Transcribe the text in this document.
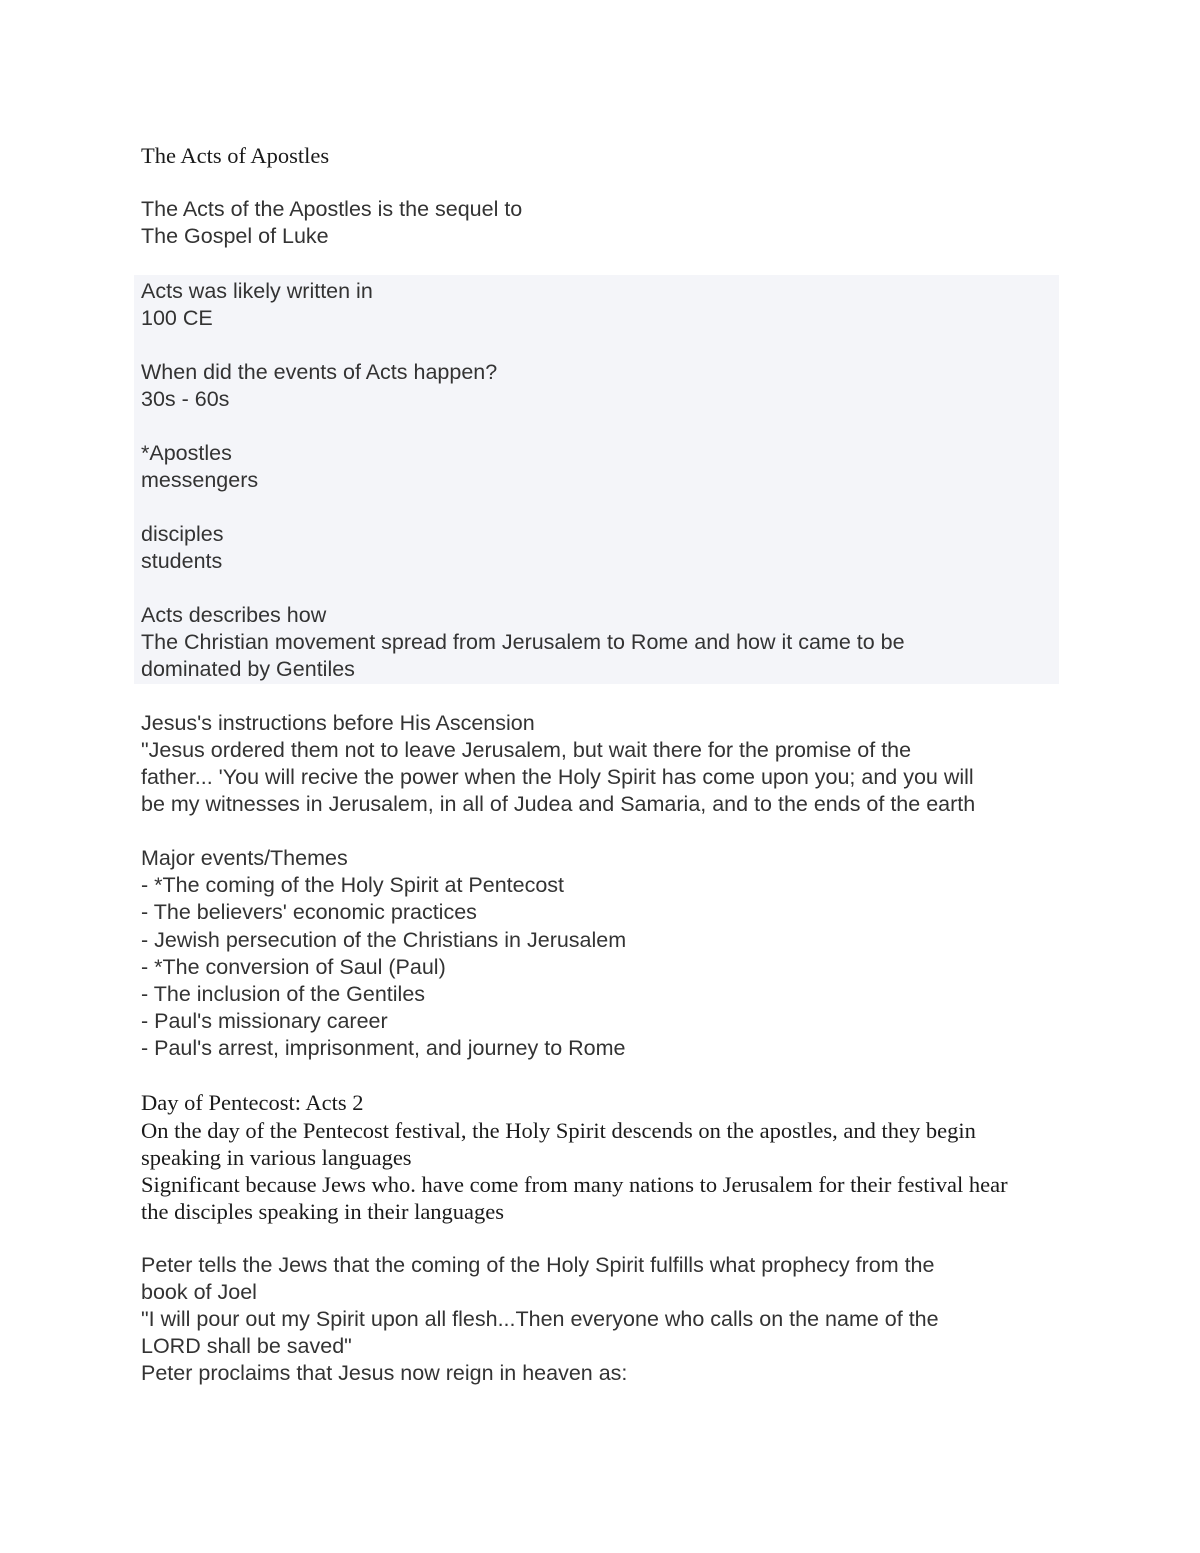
The Acts of Apostles
The Acts of the Apostles is the sequel to
The Gospel of Luke
Acts was likely written in
100 CE
When did the events of Acts happen?
30s - 60s
*Apostles
messengers
disciples
students
Acts describes how
The Christian movement spread from Jerusalem to Rome and how it came to be
dominated by Gentiles
Jesus's instructions before His Ascension
"Jesus ordered them not to leave Jerusalem, but wait there for the promise of the
father... 'You will recive the power when the Holy Spirit has come upon you; and you will
be my witnesses in Jerusalem, in all of Judea and Samaria, and to the ends of the earth
Major events/Themes
- *The coming of the Holy Spirit at Pentecost
- The believers' economic practices
- Jewish persecution of the Christians in Jerusalem
- *The conversion of Saul (Paul)
- The inclusion of the Gentiles
- Paul's missionary career
- Paul's arrest, imprisonment, and journey to Rome
Day of Pentecost: Acts 2
On the day of the Pentecost festival, the Holy Spirit descends on the apostles, and they begin
speaking in various languages
Significant because Jews who. have come from many nations to Jerusalem for their festival hear
the disciples speaking in their languages
Peter tells the Jews that the coming of the Holy Spirit fulfills what prophecy from the
book of Joel
"I will pour out my Spirit upon all flesh...Then everyone who calls on the name of the
LORD shall be saved"
Peter proclaims that Jesus now reign in heaven as:
